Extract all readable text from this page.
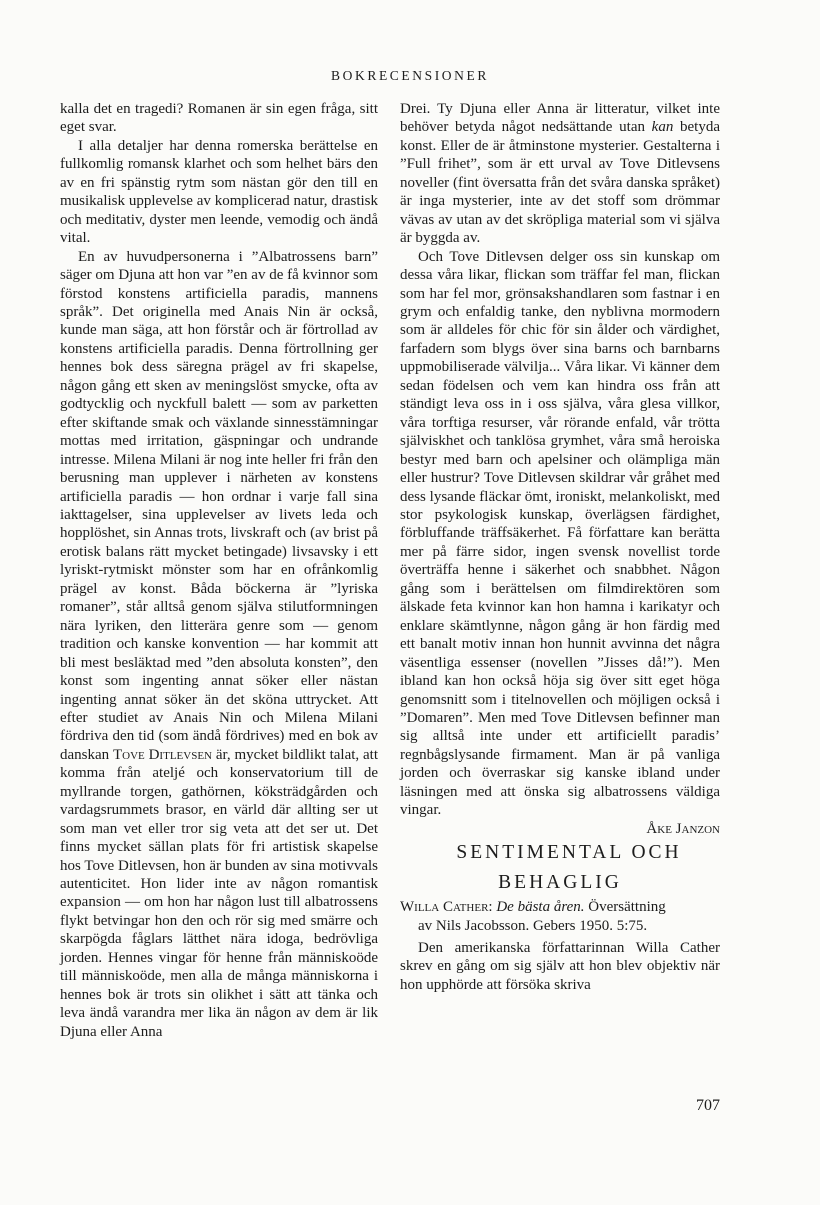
BOKRECENSIONER

kalla det en tragedi? Romanen är sin egen fråga, sitt eget svar.

I alla detaljer har denna romerska berättelse en fullkomlig romansk klarhet och som helhet bärs den av en fri spänstig rytm som nästan gör den till en musikalisk upplevelse av komplicerad natur, drastisk och meditativ, dyster men leende, vemodig och ändå vital.

En av huvudpersonerna i ”Albatrossens barn” säger om Djuna att hon var ”en av de få kvinnor som förstod konstens artificiella paradis, mannens språk”. Det originella med Anais Nin är också, kunde man säga, att hon förstår och är förtrollad av konstens artificiella paradis. Denna förtrollning ger hennes bok dess säregna prägel av fri skapelse, någon gång ett sken av meningslöst smycke, ofta av godtycklig och nyckfull balett — som av parketten efter skiftande smak och växlande sinnesstämningar mottas med irritation, gäspningar och undrande intresse. Milena Milani är nog inte heller fri från den berusning man upplever i närheten av konstens artificiella paradis — hon ordnar i varje fall sina iakttagelser, sina upplevelser av livets leda och hopplöshet, sin Annas trots, livskraft och (av brist på erotisk balans rätt mycket betingade) livsavsky i ett lyriskt-rytmiskt mönster som har en ofrånkomlig prägel av konst. Båda böckerna är ”lyriska romaner”, står alltså genom själva stilutformningen nära lyriken, den litterära genre som — genom tradition och kanske konvention — har kommit att bli mest besläktad med ”den absoluta konsten”, den konst som ingenting annat söker eller nästan ingenting annat söker än det sköna uttrycket. Att efter studiet av Anais Nin och Milena Milani fördriva den tid (som ändå fördrives) med en bok av danskan Tove Ditlevsen är, mycket bildlikt talat, att komma från ateljé och konservatorium till de myllrande torgen, gathörnen, köksträdgården och vardagsrummets brasor, en värld där allting ser ut som man vet eller tror sig veta att det ser ut. Det finns mycket sällan plats för fri artistisk skapelse hos Tove Ditlevsen, hon är bunden av sina motivvals autenticitet. Hon lider inte av någon romantisk expansion — om hon har någon lust till albatrossens flykt betvingar hon den och rör sig med smärre och skarpögda fåglars lätthet nära idoga, bedrövliga jorden. Hennes vingar för henne från människoöde till människoöde, men alla de många människorna i hennes bok är trots sin olikhet i sätt att tänka och leva ändå varandra mer lika än någon av dem är lik Djuna eller Anna

Drei. Ty Djuna eller Anna är litteratur, vilket inte behöver betyda något nedsättande utan kan betyda konst. Eller de är åtminstone mysterier. Gestalterna i ”Full frihet”, som är ett urval av Tove Ditlevsens noveller (fint översatta från det svåra danska språket) är inga mysterier, inte av det stoff som drömmar vävas av utan av det skröpliga material som vi själva är byggda av.

Och Tove Ditlevsen delger oss sin kunskap om dessa våra likar, flickan som träffar fel man, flickan som har fel mor, grönsakshandlaren som fastnar i en grym och enfaldig tanke, den nyblivna mormodern som är alldeles för chic för sin ålder och värdighet, farfadern som blygs över sina barns och barnbarns uppmobiliserade välvilja... Våra likar. Vi känner dem sedan födelsen och vem kan hindra oss från att ständigt leva oss in i oss själva, våra glesa villkor, våra torftiga resurser, vår rörande enfald, vår trötta själviskhet och tanklösa grymhet, våra små heroiska bestyr med barn och apelsiner och olämpliga män eller hustrur? Tove Ditlevsen skildrar vår gråhet med dess lysande fläckar ömt, ironiskt, melankoliskt, med stor psykologisk kunskap, överlägsen färdighet, förbluffande träffsäkerhet. Få författare kan berätta mer på färre sidor, ingen svensk novellist torde överträffa henne i säkerhet och snabbhet. Någon gång som i berättelsen om filmdirektören som älskade feta kvinnor kan hon hamna i karikatyr och enklare skämtlynne, någon gång är hon färdig med ett banalt motiv innan hon hunnit avvinna det några väsentliga essenser (novellen ”Jisses då!”). Men ibland kan hon också höja sig över sitt eget höga genomsnitt som i titelnovellen och möjligen också i ”Domaren”. Men med Tove Ditlevsen befinner man sig alltså inte under ett artificiellt paradis’ regnbågslysande firmament. Man är på vanliga jorden och överraskar sig kanske ibland under läsningen med att önska sig albatrossens väldiga vingar.

Åke Janzon

SENTIMENTAL OCH
BEHAGLIG

Willa Cather: De bästa åren. Översättning
av Nils Jacobsson. Gebers 1950. 5:75.

Den amerikanska författarinnan Willa Cather skrev en gång om sig själv att hon blev objektiv när hon upphörde att försöka skriva

707
